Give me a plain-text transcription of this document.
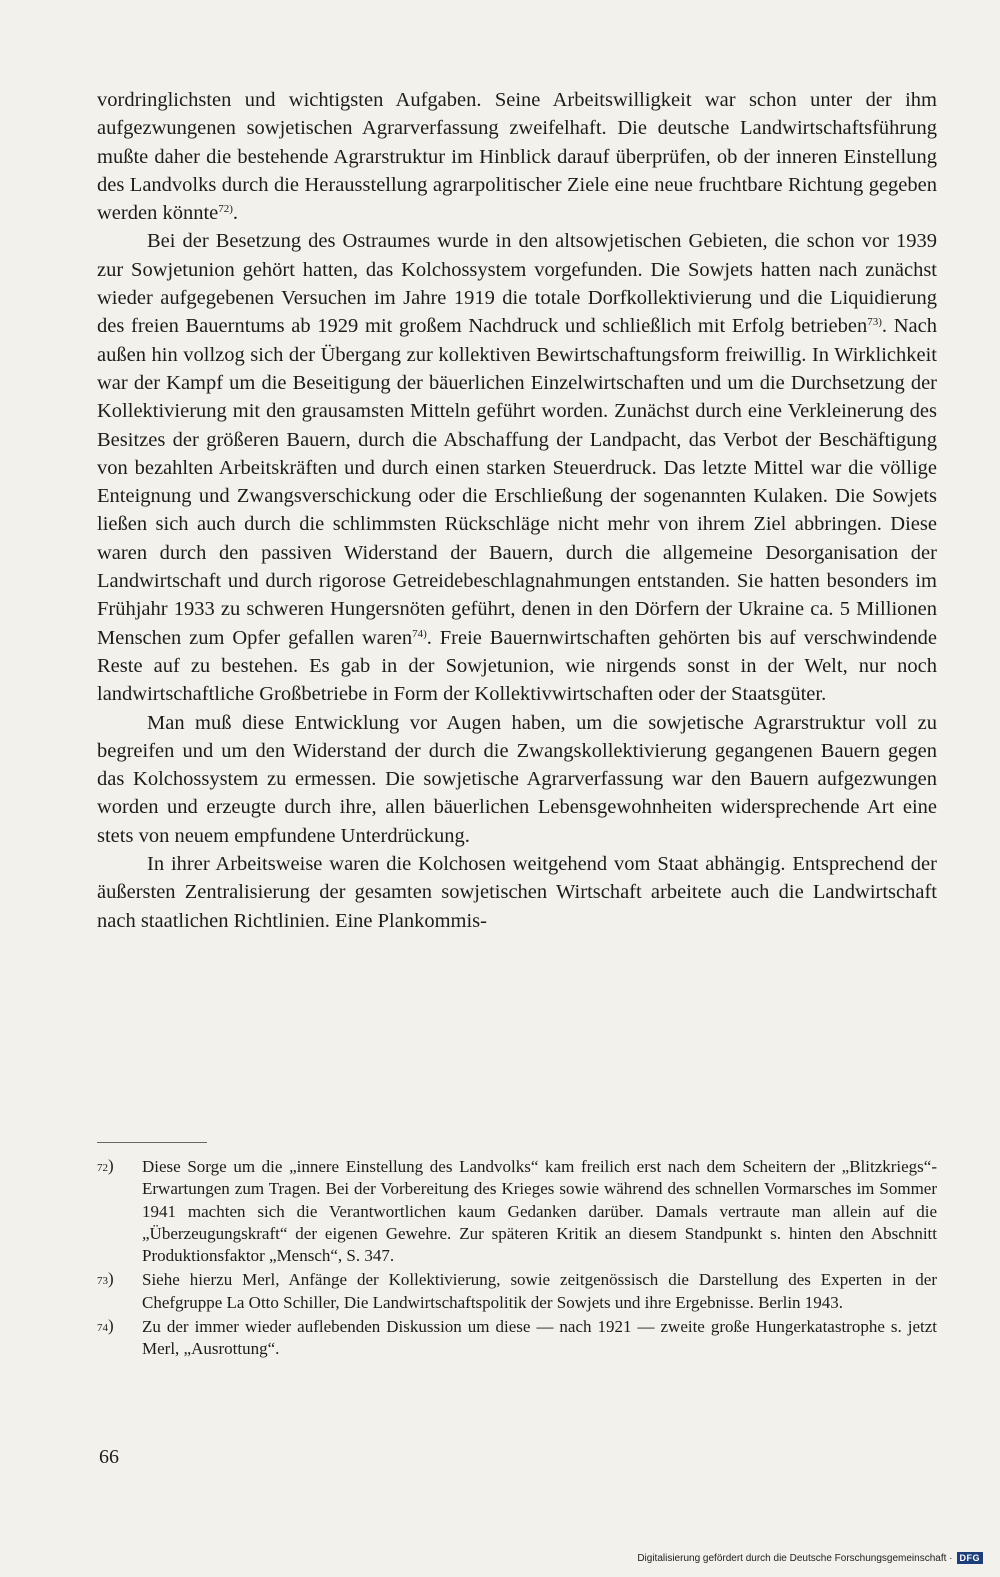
vordringlichsten und wichtigsten Aufgaben. Seine Arbeitswilligkeit war schon unter der ihm aufgezwungenen sowjetischen Agrarverfassung zweifelhaft. Die deutsche Landwirtschaftsführung mußte daher die bestehende Agrarstruktur im Hinblick darauf überprüfen, ob der inneren Einstellung des Landvolks durch die Herausstellung agrarpolitischer Ziele eine neue fruchtbare Richtung gegeben werden könnte$^{72)}$.

Bei der Besetzung des Ostraumes wurde in den altsowjetischen Gebieten, die schon vor 1939 zur Sowjetunion gehört hatten, das Kolchossystem vorgefunden. Die Sowjets hatten nach zunächst wieder aufgegebenen Versuchen im Jahre 1919 die totale Dorfkollektivierung und die Liquidierung des freien Bauerntums ab 1929 mit großem Nachdruck und schließlich mit Erfolg betrieben$^{73)}$. Nach außen hin vollzog sich der Übergang zur kollektiven Bewirtschaftungsform freiwillig. In Wirklichkeit war der Kampf um die Beseitigung der bäuerlichen Einzelwirtschaften und um die Durchsetzung der Kollektivierung mit den grausamsten Mitteln geführt worden. Zunächst durch eine Verkleinerung des Besitzes der größeren Bauern, durch die Abschaffung der Landpacht, das Verbot der Beschäftigung von bezahlten Arbeitskräften und durch einen starken Steuerdruck. Das letzte Mittel war die völlige Enteignung und Zwangsverschickung oder die Erschließung der sogenannten Kulaken. Die Sowjets ließen sich auch durch die schlimmsten Rückschläge nicht mehr von ihrem Ziel abbringen. Diese waren durch den passiven Widerstand der Bauern, durch die allgemeine Desorganisation der Landwirtschaft und durch rigorose Getreidebeschlagnahmungen entstanden. Sie hatten besonders im Frühjahr 1933 zu schweren Hungersnöten geführt, denen in den Dörfern der Ukraine ca. 5 Millionen Menschen zum Opfer gefallen waren$^{74)}$. Freie Bauernwirtschaften gehörten bis auf verschwindende Reste auf zu bestehen. Es gab in der Sowjetunion, wie nirgends sonst in der Welt, nur noch landwirtschaftliche Großbetriebe in Form der Kollektivwirtschaften oder der Staatsgüter.

Man muß diese Entwicklung vor Augen haben, um die sowjetische Agrarstruktur voll zu begreifen und um den Widerstand der durch die Zwangskollektivierung gegangenen Bauern gegen das Kolchossystem zu ermessen. Die sowjetische Agrarverfassung war den Bauern aufgezwungen worden und erzeugte durch ihre, allen bäuerlichen Lebensgewohnheiten widersprechende Art eine stets von neuem empfundene Unterdrückung.

In ihrer Arbeitsweise waren die Kolchosen weitgehend vom Staat abhängig. Entsprechend der äußersten Zentralisierung der gesamten sowjetischen Wirtschaft arbeitete auch die Landwirtschaft nach staatlichen Richtlinien. Eine Plankommis-

72)	Diese Sorge um die „innere Einstellung des Landvolks“ kam freilich erst nach dem Scheitern der „Blitzkriegs“-Erwartungen zum Tragen. Bei der Vorbereitung des Krieges sowie während des schnellen Vormarsches im Sommer 1941 machten sich die Verantwortlichen kaum Gedanken darüber. Damals vertraute man allein auf die „Überzeugungskraft“ der eigenen Gewehre. Zur späteren Kritik an diesem Standpunkt s. hinten den Abschnitt Produktionsfaktor „Mensch“, S. 347.
73)	Siehe hierzu Merl, Anfänge der Kollektivierung, sowie zeitgenössisch die Darstellung des Experten in der Chefgruppe La Otto Schiller, Die Landwirtschaftspolitik der Sowjets und ihre Ergebnisse. Berlin 1943.
74)	Zu der immer wieder auflebenden Diskussion um diese — nach 1921 — zweite große Hungerkatastrophe s. jetzt Merl, „Ausrottung“.
66
Digitalisierung gefördert durch die Deutsche Forschungsgemeinschaft · DFG
